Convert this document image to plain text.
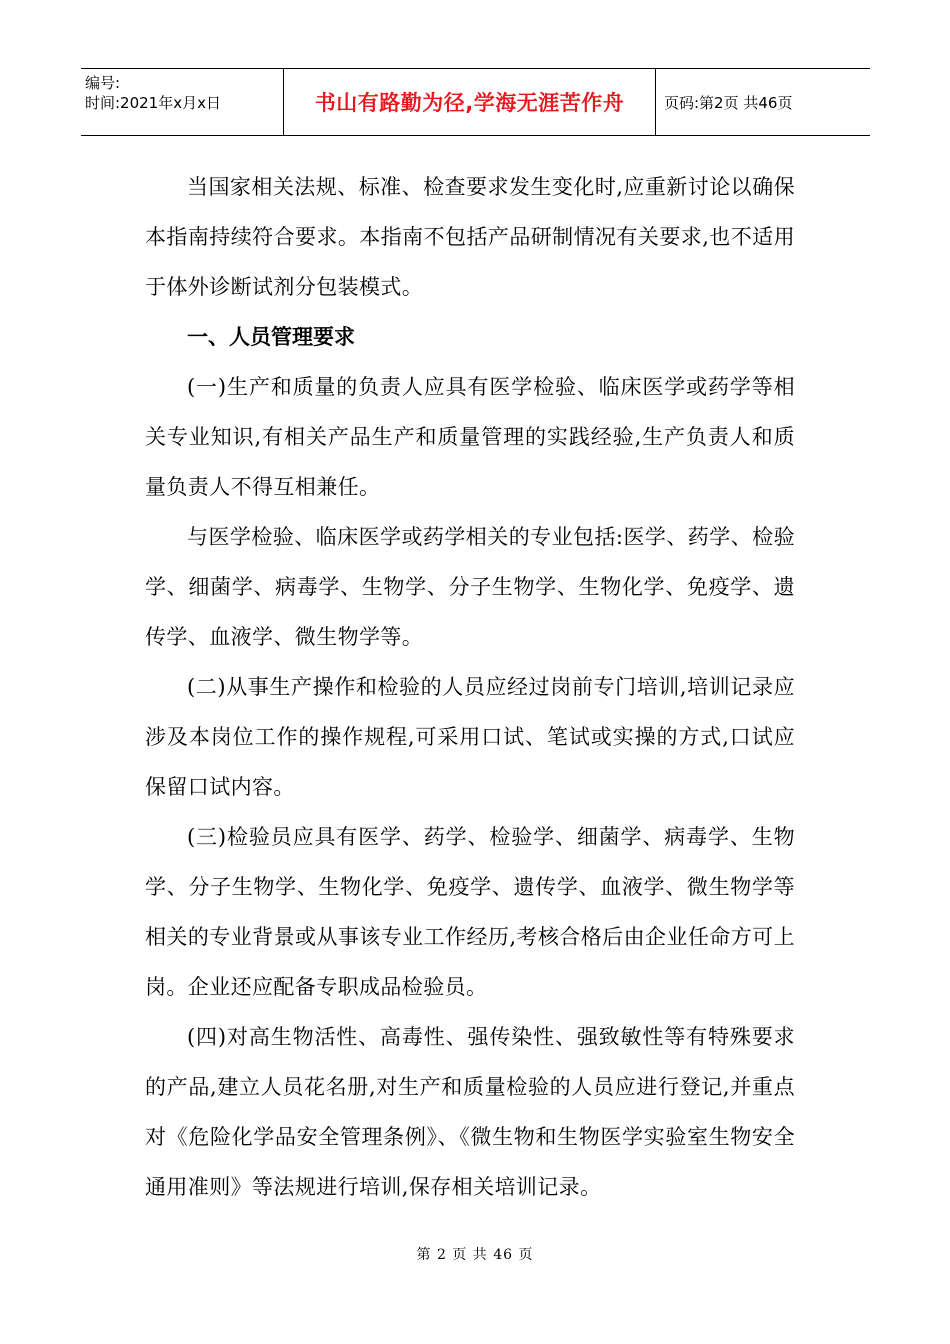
编号:
时间:2021年x月x日	书山有路勤为径,学海无涯苦作舟	页码:第2页 共46页

当国家相关法规、标准、检查要求发生变化时,应重新讨论以确保本指南持续符合要求。本指南不包括产品研制情况有关要求,也不适用于体外诊断试剂分包装模式。

一、人员管理要求

(一)生产和质量的负责人应具有医学检验、临床医学或药学等相关专业知识,有相关产品生产和质量管理的实践经验,生产负责人和质量负责人不得互相兼任。

与医学检验、临床医学或药学相关的专业包括:医学、药学、检验学、细菌学、病毒学、生物学、分子生物学、生物化学、免疫学、遗传学、血液学、微生物学等。

(二)从事生产操作和检验的人员应经过岗前专门培训,培训记录应涉及本岗位工作的操作规程,可采用口试、笔试或实操的方式,口试应保留口试内容。

(三)检验员应具有医学、药学、检验学、细菌学、病毒学、生物学、分子生物学、生物化学、免疫学、遗传学、血液学、微生物学等相关的专业背景或从事该专业工作经历,考核合格后由企业任命方可上岗。企业还应配备专职成品检验员。

(四)对高生物活性、高毒性、强传染性、强致敏性等有特殊要求的产品,建立人员花名册,对生产和质量检验的人员应进行登记,并重点对《危险化学品安全管理条例》、《微生物和生物医学实验室生物安全通用准则》等法规进行培训,保存相关培训记录。

第 2 页 共 46 页
